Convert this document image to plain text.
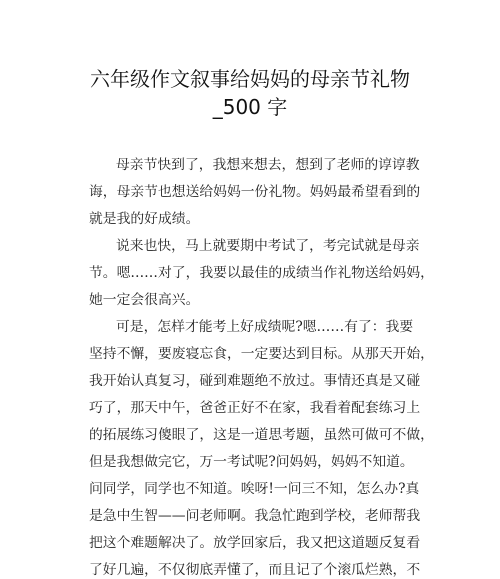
六年级作文叙事给妈妈的母亲节礼物
_500 字
母亲节快到了，我想来想去，想到了老师的谆谆教
诲，母亲节也想送给妈妈一份礼物。妈妈最希望看到的
就是我的好成绩。
说来也快，马上就要期中考试了，考完试就是母亲
节。嗯……对了，我要以最佳的成绩当作礼物送给妈妈，
她一定会很高兴。
可是，怎样才能考上好成绩呢?嗯……有了：我要
坚持不懈，要废寝忘食，一定要达到目标。从那天开始，
我开始认真复习，碰到难题绝不放过。事情还真是又碰
巧了，那天中午，爸爸正好不在家，我看着配套练习上
的拓展练习傻眼了，这是一道思考题，虽然可做可不做，
但是我想做完它，万一考试呢?问妈妈，妈妈不知道。
问同学，同学也不知道。唉呀!一问三不知，怎么办?真
是急中生智——问老师啊。我急忙跑到学校，老师帮我
把这个难题解决了。放学回家后，我又把这道题反复看
了好几遍，不仅彻底弄懂了，而且记了个滚瓜烂熟，不
